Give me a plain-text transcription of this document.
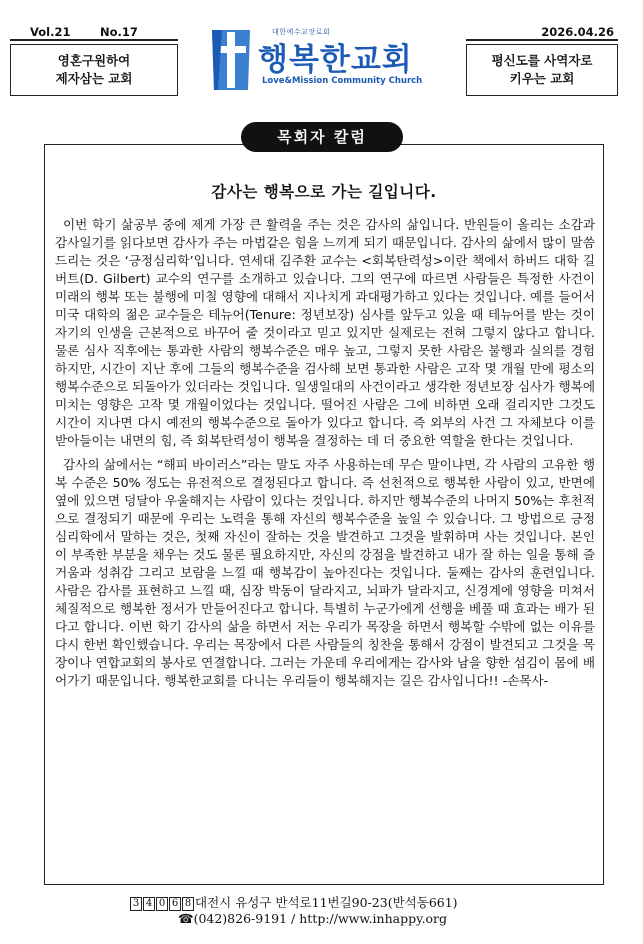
Vol.21	No.17	2026.04.26
영혼구원하여
제자삼는 교회
평신도를 사역자로
키우는 교회
대한예수교장로회
행복한교회
Love&Mission Community Church
목회자 칼럼
감사는 행복으로 가는 길입니다.

이번 학기 삶공부 중에 제게 가장 큰 활력을 주는 것은 감사의 삶입니다. 반원들이 올리는 소감과 감사일기를 읽다보면 감사가 주는 마법같은 힘을 느끼게 되기 때문입니다. 감사의 삶에서 많이 말씀드리는 것은 ‘긍정심리학’입니다. 연세대 김주환 교수는 <회복탄력성>이란 책에서 하버드 대학 길버트(D. Gilbert) 교수의 연구를 소개하고 있습니다. 그의 연구에 따르면 사람들은 특정한 사건이 미래의 행복 또는 불행에 미칠 영향에 대해서 지나치게 과대평가하고 있다는 것입니다. 예를 들어서 미국 대학의 젊은 교수들은 테뉴어(Tenure: 정년보장) 심사를 앞두고 있을 때 테뉴어를 받는 것이 자기의 인생을 근본적으로 바꾸어 줄 것이라고 믿고 있지만 실제로는 전혀 그렇지 않다고 합니다. 물론 심사 직후에는 통과한 사람의 행복수준은 매우 높고, 그렇지 못한 사람은 불행과 실의를 경험하지만, 시간이 지난 후에 그들의 행복수준을 검사해 보면 통과한 사람은 고작 몇 개월 만에 평소의 행복수준으로 되돌아가 있더라는 것입니다. 일생일대의 사건이라고 생각한 정년보장 심사가 행복에 미치는 영향은 고작 몇 개월이었다는 것입니다. 떨어진 사람은 그에 비하면 오래 걸리지만 그것도 시간이 지나면 다시 예전의 행복수준으로 돌아가 있다고 합니다. 즉 외부의 사건 그 자체보다 이를 받아들이는 내면의 힘, 즉 회복탄력성이 행복을 결정하는 데 더 중요한 역할을 한다는 것입니다.

감사의 삶에서는 “해피 바이러스”라는 말도 자주 사용하는데 무슨 말이냐면, 각 사람의 고유한 행복 수준은 50% 정도는 유전적으로 결정된다고 합니다. 즉 선천적으로 행복한 사람이 있고, 반면에 옆에 있으면 덩달아 우울해지는 사람이 있다는 것입니다. 하지만 행복수준의 나머지 50%는 후천적으로 결정되기 때문에 우리는 노력을 통해 자신의 행복수준을 높일 수 있습니다. 그 방법으로 긍정심리학에서 말하는 것은, 첫째 자신이 잘하는 것을 발견하고 그것을 발휘하며 사는 것입니다. 본인이 부족한 부분을 채우는 것도 물론 필요하지만, 자신의 강점을 발견하고 내가 잘 하는 일을 통해 즐거움과 성취감 그리고 보람을 느낄 때 행복감이 높아진다는 것입니다. 둘째는 감사의 훈련입니다. 사람은 감사를 표현하고 느낄 때, 심장 박동이 달라지고, 뇌파가 달라지고, 신경계에 영향을 미쳐서 체질적으로 행복한 정서가 만들어진다고 합니다. 특별히 누군가에게 선행을 베풀 때 효과는 배가 된다고 합니다. 이번 학기 감사의 삶을 하면서 저는 우리가 목장을 하면서 행복할 수밖에 없는 이유를 다시 한번 확인했습니다. 우리는 목장에서 다른 사람들의 칭찬을 통해서 강점이 발견되고 그것을 목장이나 연합교회의 봉사로 연결합니다. 그러는 가운데 우리에게는 감사와 남을 향한 섬김이 몸에 배어가기 때문입니다. 행복한교회를 다니는 우리들이 행복해지는 길은 감사입니다!! -손목사-

3 4 0 6 8 대전시 유성구 반석로11번길90-23(반석동661)
☎(042)826-9191 / http://www.inhappy.org
